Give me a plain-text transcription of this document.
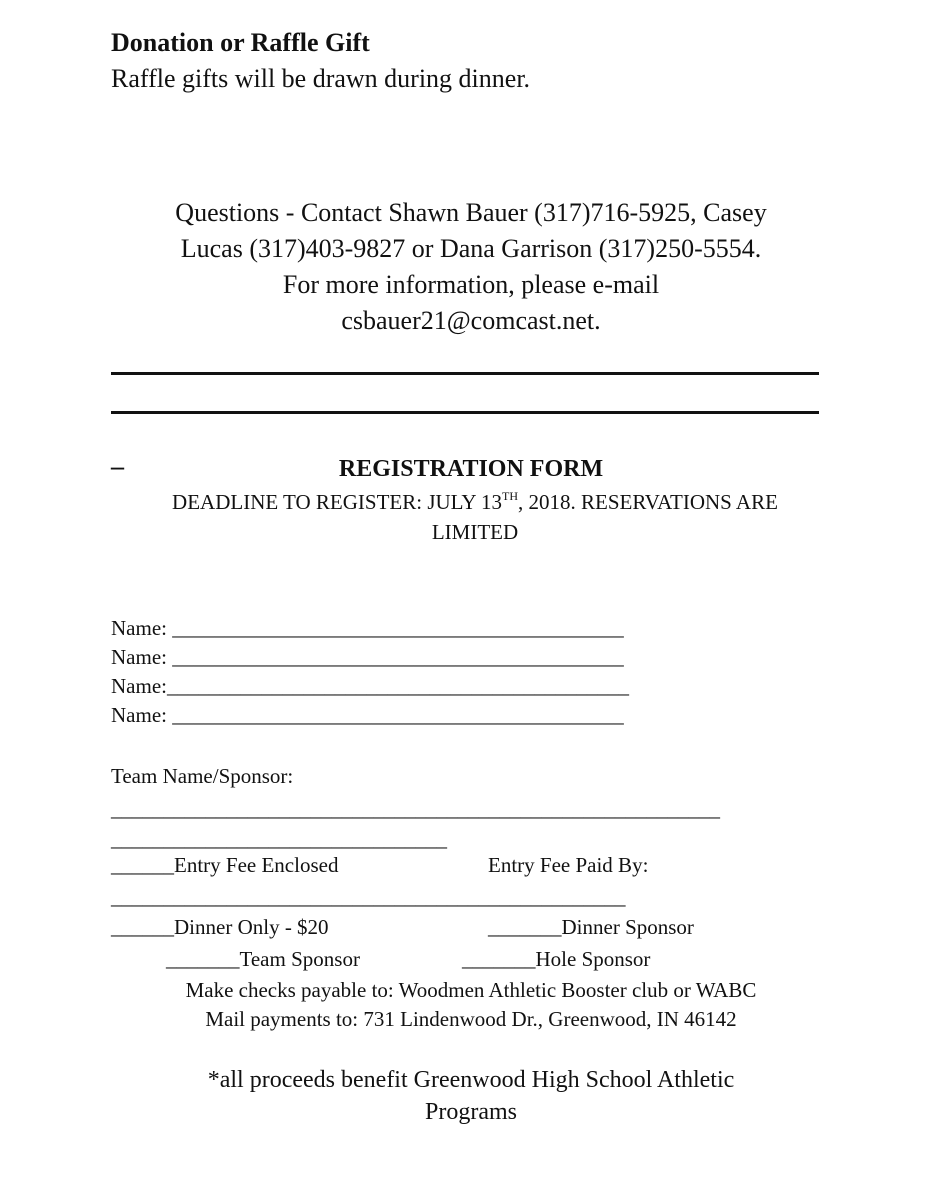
Donation or Raffle Gift
Raffle gifts will be drawn during dinner.
Questions - Contact Shawn Bauer (317)716-5925, Casey
Lucas (317)403-9827 or Dana Garrison (317)250-5554.
For more information, please e-mail
csbauer21@comcast.net.
_	REGISTRATION FORM
DEADLINE TO REGISTER: JULY 13TH, 2018. RESERVATIONS ARE
LIMITED
Name: ___________________________________________
Name: ___________________________________________
Name:____________________________________________
Name: ___________________________________________
Team Name/Sponsor:
__________________________________________________________
________________________________
______Entry Fee Enclosed	Entry Fee Paid By:
_________________________________________________
______Dinner Only - $20	_______Dinner Sponsor
_______Team Sponsor	_______Hole Sponsor
Make checks payable to: Woodmen Athletic Booster club or WABC
Mail payments to: 731 Lindenwood Dr., Greenwood, IN 46142
*all proceeds benefit Greenwood High School Athletic
Programs
